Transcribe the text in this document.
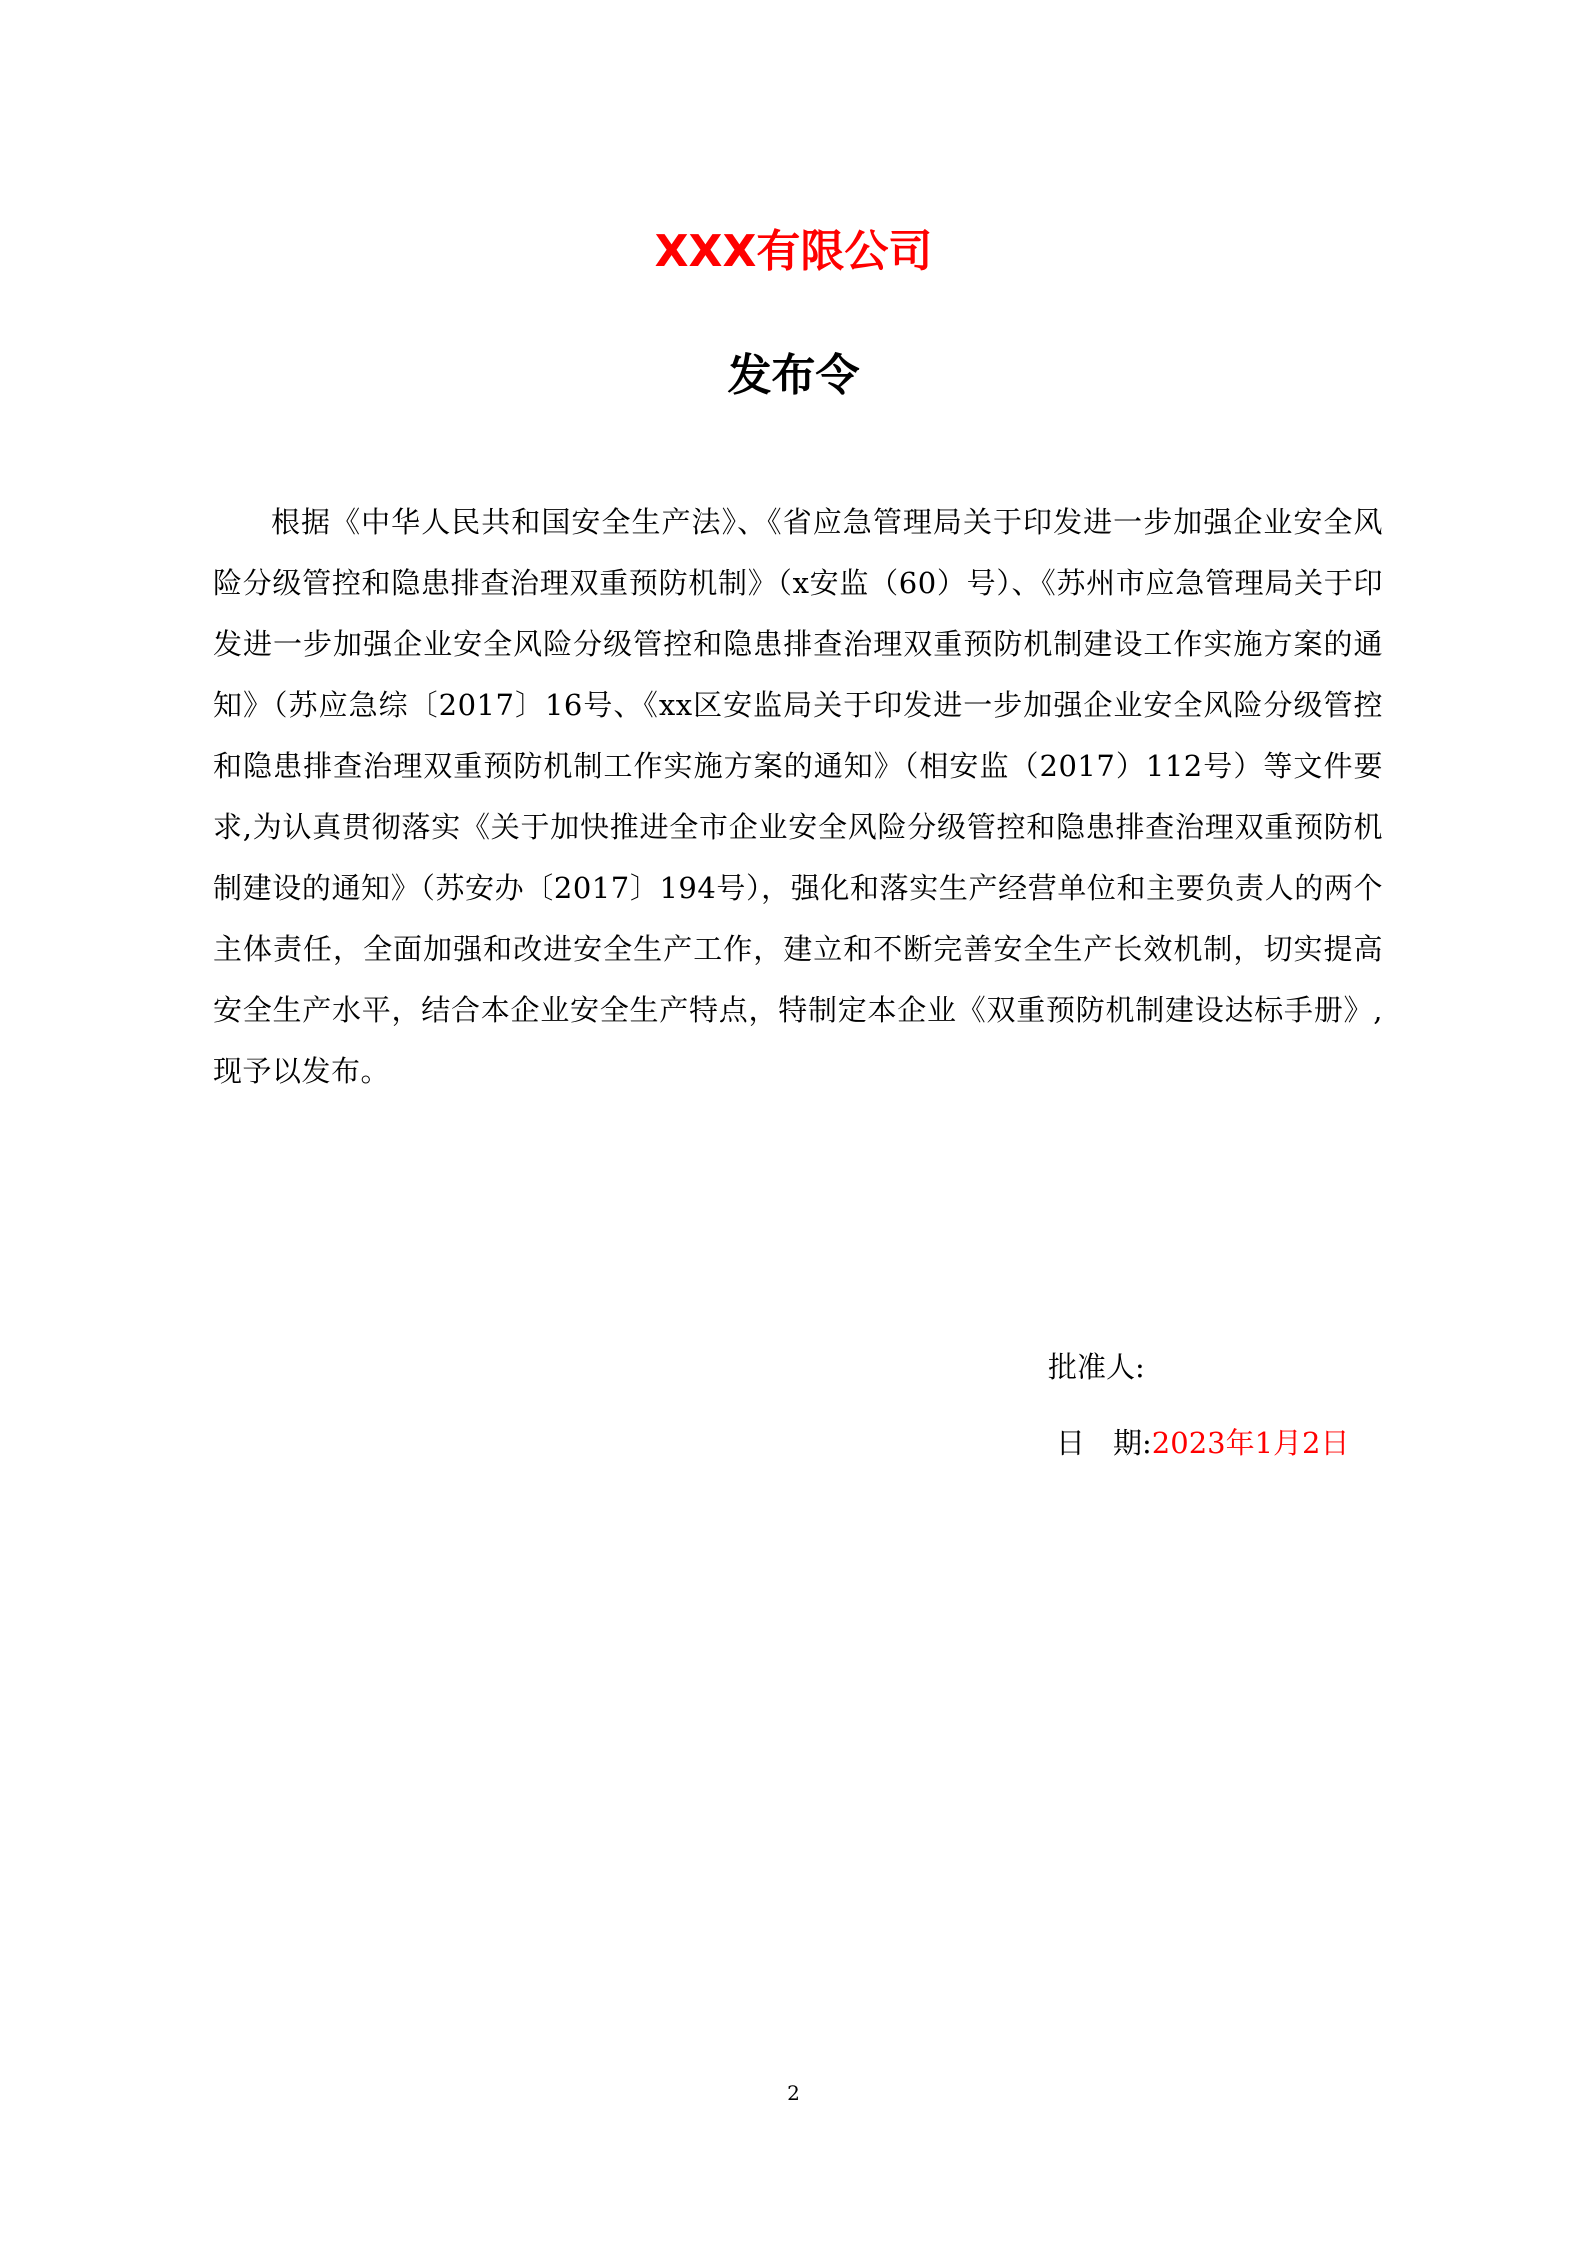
XXX有限公司
发布令

根据《中华人民共和国安全生产法》、《省应急管理局关于印发进一步加强企业安全风险分级管控和隐患排查治理双重预防机制》（x安监（60）号）、《苏州市应急管理局关于印发进一步加强企业安全风险分级管控和隐患排查治理双重预防机制建设工作实施方案的通知》（苏应急综〔2017〕16号、《xx区安监局关于印发进一步加强企业安全风险分级管控和隐患排查治理双重预防机制工作实施方案的通知》（相安监（2017）112号）等文件要求,为认真贯彻落实《关于加快推进全市企业安全风险分级管控和隐患排查治理双重预防机制建设的通知》（苏安办〔2017〕194号），强化和落实生产经营单位和主要负责人的两个主体责任，全面加强和改进安全生产工作，建立和不断完善安全生产长效机制，切实提高安全生产水平，结合本企业安全生产特点，特制定本企业《双重预防机制建设达标手册》,现予以发布。

批准人:

日 期:2023年1月2日

2
